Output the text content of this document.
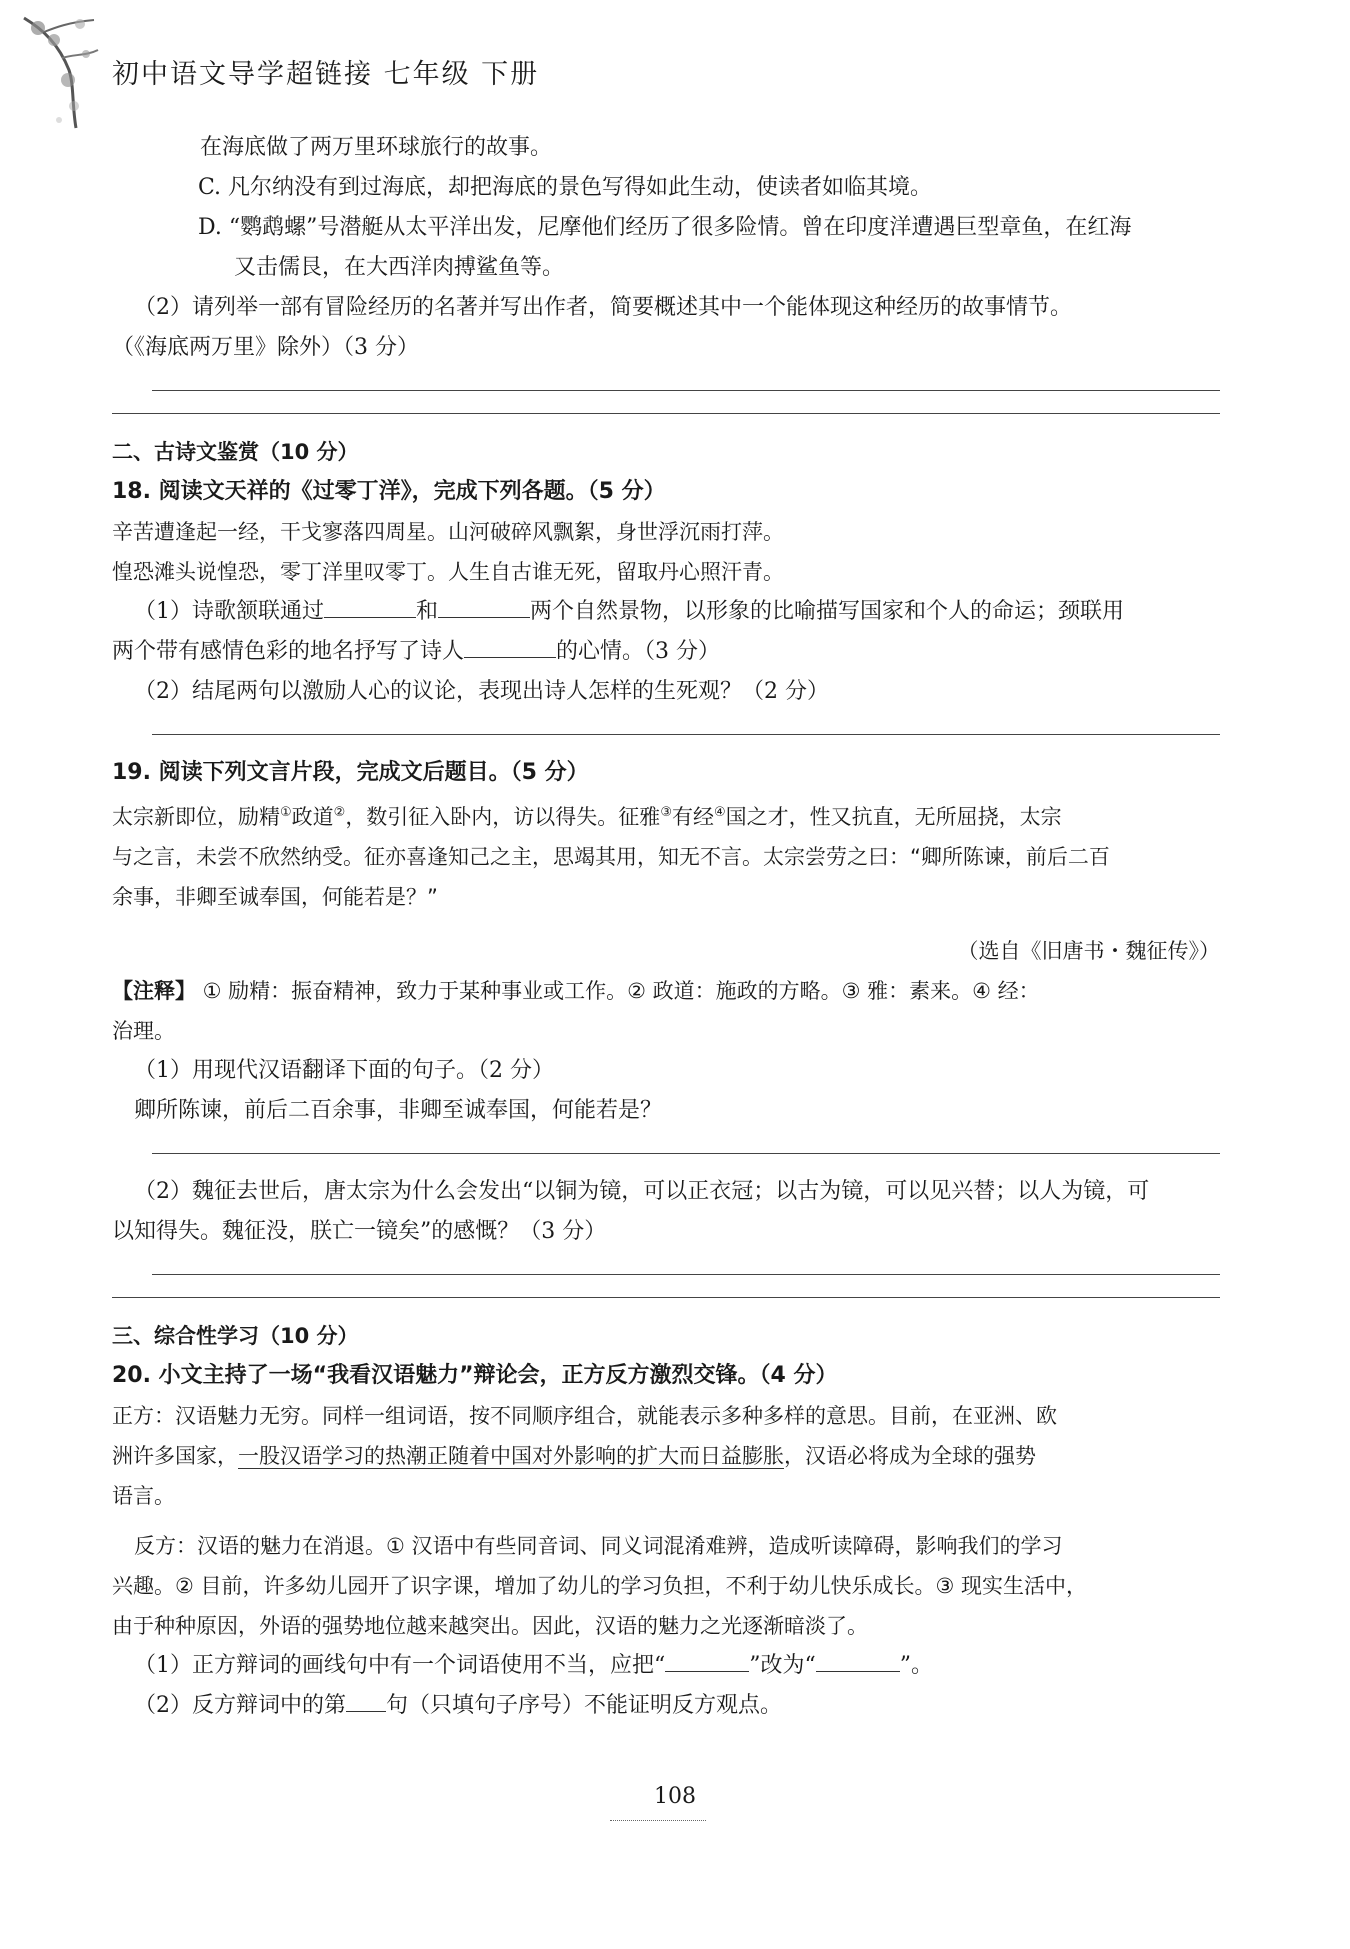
初中语文导学超链接 七年级 下册
在海底做了两万里环球旅行的故事。
C. 凡尔纳没有到过海底，却把海底的景色写得如此生动，使读者如临其境。
D. “鹦鹉螺”号潜艇从太平洋出发，尼摩他们经历了很多险情。曾在印度洋遭遇巨型章鱼，在红海
又击儒艮，在大西洋肉搏鲨鱼等。
（2）请列举一部有冒险经历的名著并写出作者，简要概述其中一个能体现这种经历的故事情节。
（《海底两万里》除外）（3 分）
二、古诗文鉴赏（10 分）
18. 阅读文天祥的《过零丁洋》，完成下列各题。（5 分）
辛苦遭逢起一经，干戈寥落四周星。山河破碎风飘絮，身世浮沉雨打萍。
惶恐滩头说惶恐，零丁洋里叹零丁。人生自古谁无死，留取丹心照汗青。
（1）诗歌颔联通过	和	两个自然景物，以形象的比喻描写国家和个人的命运；颈联用
两个带有感情色彩的地名抒写了诗人	的心情。（3 分）
（2）结尾两句以激励人心的议论，表现出诗人怎样的生死观？（2 分）
19. 阅读下列文言片段，完成文后题目。（5 分）
太宗新即位，励精①政道②，数引征入卧内，访以得失。征雅③有经④国之才，性又抗直，无所屈挠，太宗
与之言，未尝不欣然纳受。征亦喜逢知己之主，思竭其用，知无不言。太宗尝劳之曰：“卿所陈谏，前后二百
余事，非卿至诚奉国，何能若是？”
（选自《旧唐书・魏征传》）
【注释】 ① 励精：振奋精神，致力于某种事业或工作。② 政道：施政的方略。③ 雅：素来。④ 经：
治理。
（1）用现代汉语翻译下面的句子。（2 分）
卿所陈谏，前后二百余事，非卿至诚奉国，何能若是？
（2）魏征去世后，唐太宗为什么会发出“以铜为镜，可以正衣冠；以古为镜，可以见兴替；以人为镜，可
以知得失。魏征没，朕亡一镜矣”的感慨？（3 分）
三、综合性学习（10 分）
20. 小文主持了一场“我看汉语魅力”辩论会，正方反方激烈交锋。（4 分）
正方：汉语魅力无穷。同样一组词语，按不同顺序组合，就能表示多种多样的意思。目前，在亚洲、欧
洲许多国家，一股汉语学习的热潮正随着中国对外影响的扩大而日益膨胀，汉语必将成为全球的强势
语言。
反方：汉语的魅力在消退。① 汉语中有些同音词、同义词混淆难辨，造成听读障碍，影响我们的学习
兴趣。② 目前，许多幼儿园开了识字课，增加了幼儿的学习负担，不利于幼儿快乐成长。③ 现实生活中，
由于种种原因，外语的强势地位越来越突出。因此，汉语的魅力之光逐渐暗淡了。
（1）正方辩词的画线句中有一个词语使用不当，应把“	”改为“	”。
（2）反方辩词中的第 句（只填句子序号）不能证明反方观点。
108
